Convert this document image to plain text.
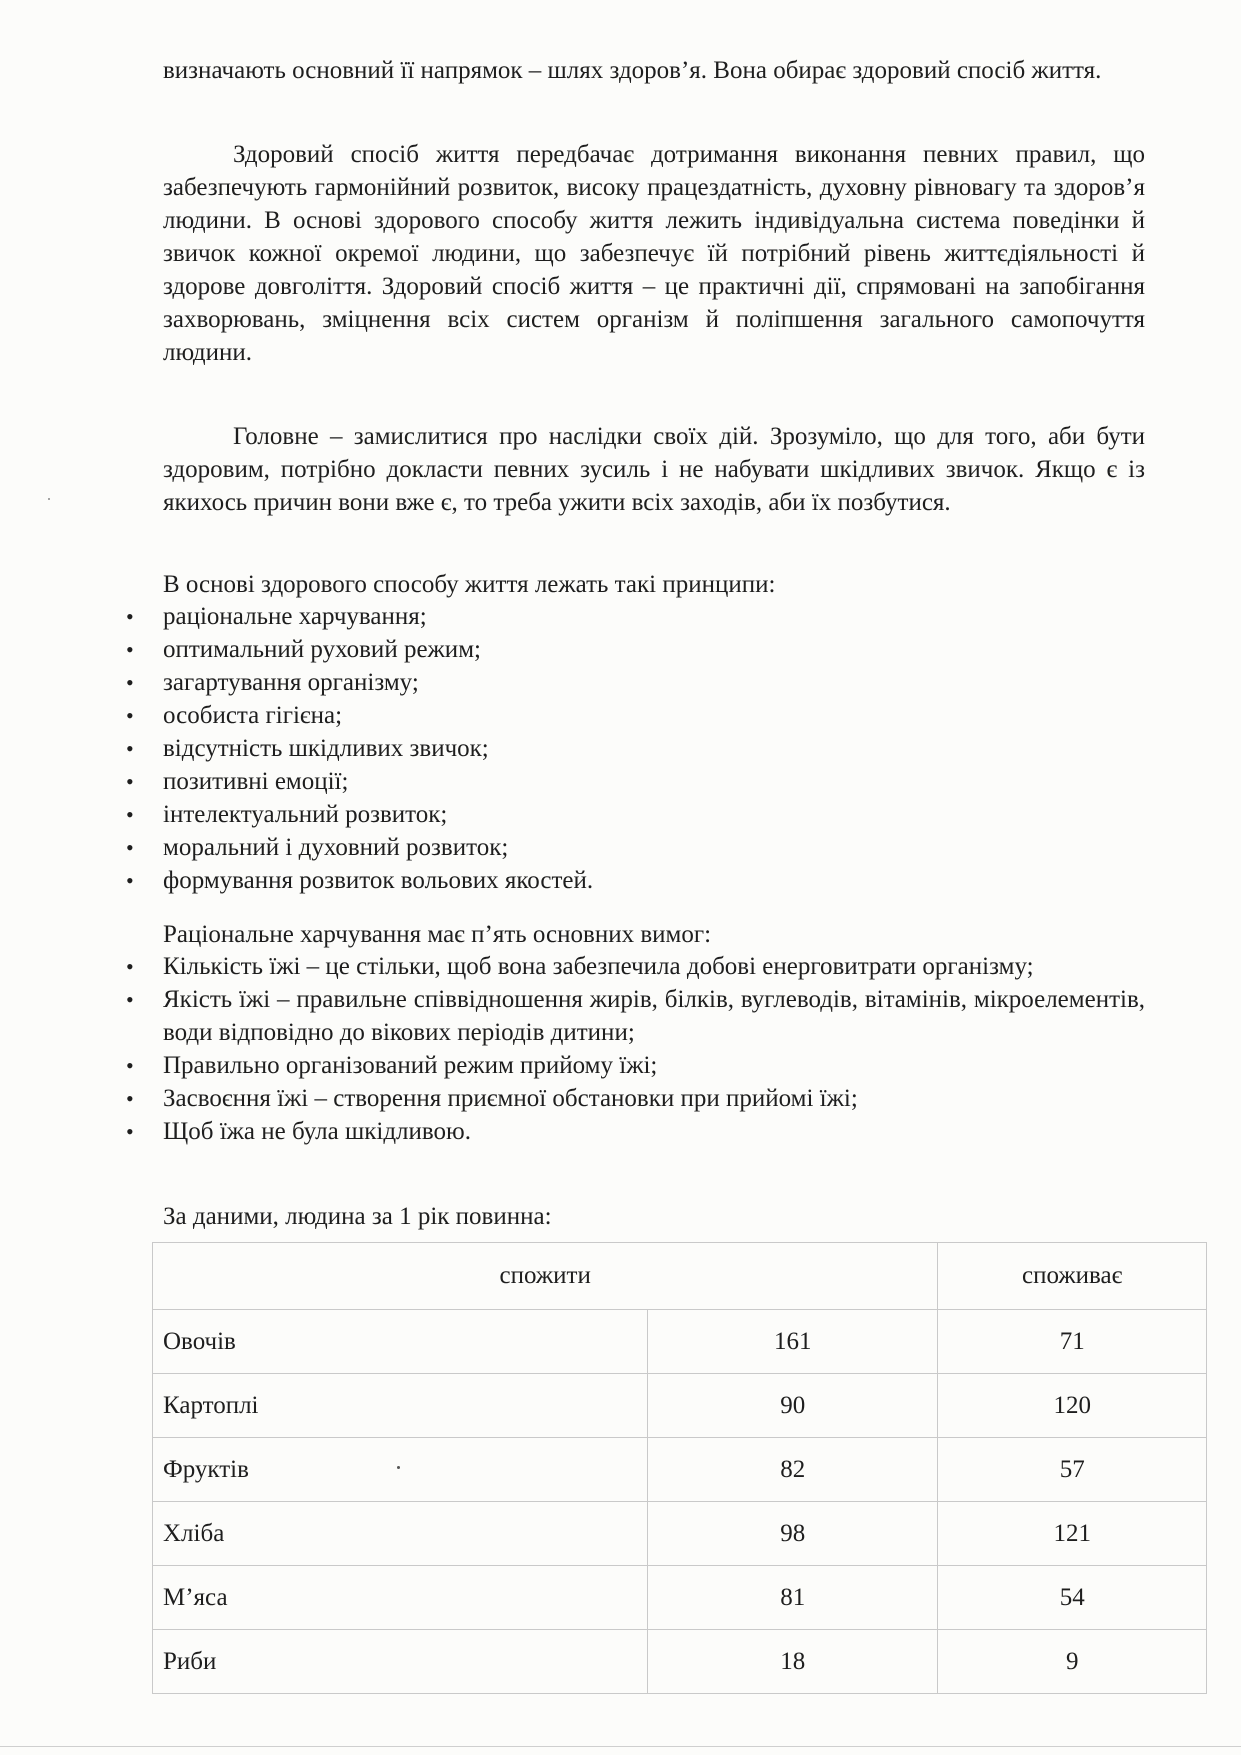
визначають основний її напрямок – шлях здоров’я. Вона обирає здоровий спосіб життя.

Здоровий спосіб життя передбачає дотримання виконання певних правил, що забезпечують гармонійний розвиток, високу працездатність, духовну рівновагу та здоров’я людини. В основі здорового способу життя лежить індивідуальна система поведінки й звичок кожної окремої людини, що забезпечує їй потрібний рівень життєдіяльності й здорове довголіття. Здоровий спосіб життя – це практичні дії, спрямовані на запобігання захворювань, зміцнення всіх систем організм й поліпшення загального самопочуття людини.

Головне – замислитися про наслідки своїх дій. Зрозуміло, що для того, аби бути здоровим, потрібно докласти певних зусиль і не набувати шкідливих звичок. Якщо є із якихось причин вони вже є, то треба ужити всіх заходів, аби їх позбутися.

В основі здорового способу життя лежать такі принципи:
• раціональне харчування;
• оптимальний руховий режим;
• загартування організму;
• особиста гігієна;
• відсутність шкідливих звичок;
• позитивні емоції;
• інтелектуальний розвиток;
• моральний і духовний розвиток;
• формування розвиток вольових якостей.
Раціональне харчування має п’ять основних вимог:
• Кількість їжі – це стільки, щоб вона забезпечила добові енерговитрати організму;
• Якість їжі – правильне співвідношення жирів, білків, вуглеводів, вітамінів, мікроелементів, води відповідно до вікових періодів дитини;
• Правильно організований режим прийому їжі;
• Засвоєння їжі – створення приємної обстановки при прийомі їжі;
• Щоб їжа не була шкідливою.
За даними, людина за 1 рік повинна:
спожити		споживає
Овочів	161	71
Картоплі	90	120
Фруктів	82	57
Хліба	98	121
М’яса	81	54
Риби	18	9
